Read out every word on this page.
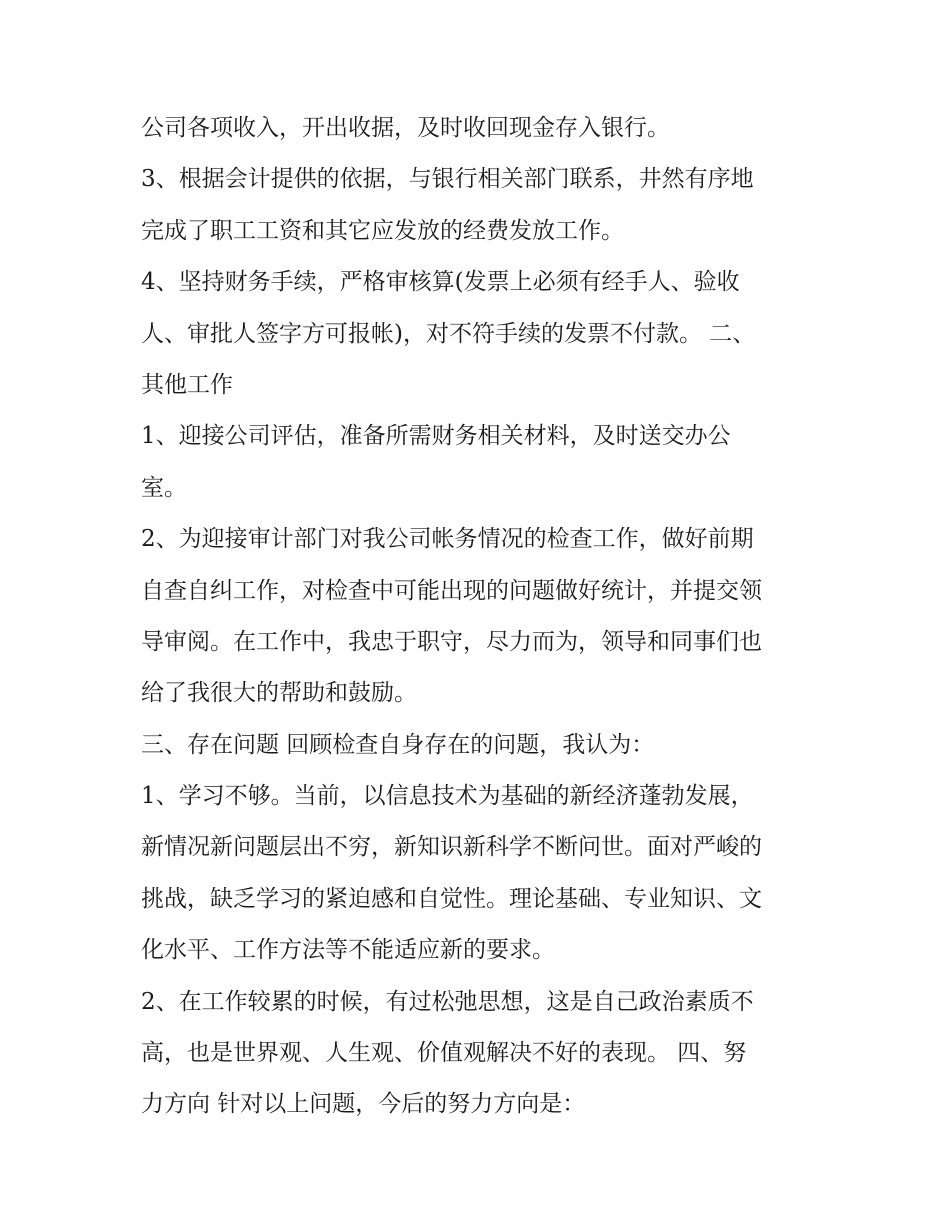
公司各项收入，开出收据，及时收回现金存入银行。
3、根据会计提供的依据，与银行相关部门联系，井然有序地
完成了职工工资和其它应发放的经费发放工作。
4、坚持财务手续，严格审核算(发票上必须有经手人、验收
人、审批人签字方可报帐)，对不符手续的发票不付款。 二、
其他工作
1、迎接公司评估，准备所需财务相关材料，及时送交办公
室。
2、为迎接审计部门对我公司帐务情况的检查工作，做好前期
自查自纠工作，对检查中可能出现的问题做好统计，并提交领
导审阅。在工作中，我忠于职守，尽力而为，领导和同事们也
给了我很大的帮助和鼓励。
三、存在问题 回顾检查自身存在的问题，我认为：
1、学习不够。当前，以信息技术为基础的新经济蓬勃发展，
新情况新问题层出不穷，新知识新科学不断问世。面对严峻的
挑战，缺乏学习的紧迫感和自觉性。理论基础、专业知识、文
化水平、工作方法等不能适应新的要求。
2、在工作较累的时候，有过松弛思想，这是自己政治素质不
高，也是世界观、人生观、价值观解决不好的表现。 四、努
力方向 针对以上问题，今后的努力方向是：
